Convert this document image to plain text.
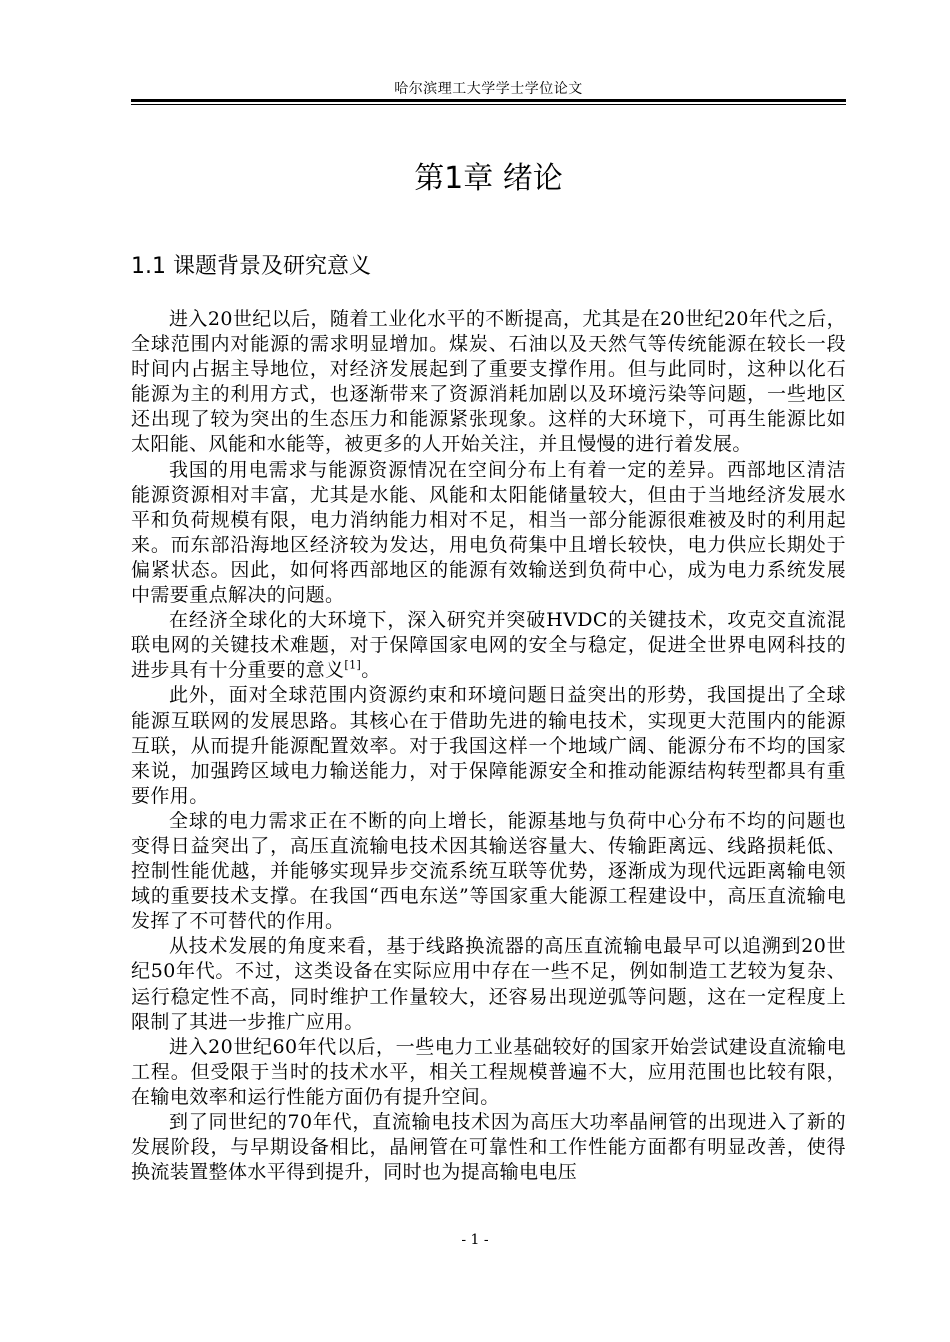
哈尔滨理工大学学士学位论文
第1章 绪论
1.1 课题背景及研究意义

进入20世纪以后，随着工业化水平的不断提高，尤其是在20世纪20年代之后，全球范围内对能源的需求明显增加。煤炭、石油以及天然气等传统能源在较长一段时间内占据主导地位，对经济发展起到了重要支撑作用。但与此同时，这种以化石能源为主的利用方式，也逐渐带来了资源消耗加剧以及环境污染等问题，一些地区还出现了较为突出的生态压力和能源紧张现象。这样的大环境下，可再生能源比如太阳能、风能和水能等，被更多的人开始关注，并且慢慢的进行着发展。

我国的用电需求与能源资源情况在空间分布上有着一定的差异。西部地区清洁能源资源相对丰富，尤其是水能、风能和太阳能储量较大，但由于当地经济发展水平和负荷规模有限，电力消纳能力相对不足，相当一部分能源很难被及时的利用起来。而东部沿海地区经济较为发达，用电负荷集中且增长较快，电力供应长期处于偏紧状态。因此，如何将西部地区的能源有效输送到负荷中心，成为电力系统发展中需要重点解决的问题。

在经济全球化的大环境下，深入研究并突破HVDC的关键技术，攻克交直流混联电网的关键技术难题，对于保障国家电网的安全与稳定，促进全世界电网科技的进步具有十分重要的意义[1]。

此外，面对全球范围内资源约束和环境问题日益突出的形势，我国提出了全球能源互联网的发展思路。其核心在于借助先进的输电技术，实现更大范围内的能源互联，从而提升能源配置效率。对于我国这样一个地域广阔、能源分布不均的国家来说，加强跨区域电力输送能力，对于保障能源安全和推动能源结构转型都具有重要作用。

全球的电力需求正在不断的向上增长，能源基地与负荷中心分布不均的问题也变得日益突出了，高压直流输电技术因其输送容量大、传输距离远、线路损耗低、控制性能优越，并能够实现异步交流系统互联等优势，逐渐成为现代远距离输电领域的重要技术支撑。在我国“西电东送”等国家重大能源工程建设中，高压直流输电发挥了不可替代的作用。

从技术发展的角度来看，基于线路换流器的高压直流输电最早可以追溯到20世纪50年代。不过，这类设备在实际应用中存在一些不足，例如制造工艺较为复杂、运行稳定性不高，同时维护工作量较大，还容易出现逆弧等问题，这在一定程度上限制了其进一步推广应用。

进入20世纪60年代以后，一些电力工业基础较好的国家开始尝试建设直流输电工程。但受限于当时的技术水平，相关工程规模普遍不大，应用范围也比较有限，在输电效率和运行性能方面仍有提升空间。

到了同世纪的70年代，直流输电技术因为高压大功率晶闸管的出现进入了新的发展阶段，与早期设备相比，晶闸管在可靠性和工作性能方面都有明显改善，使得换流装置整体水平得到提升，同时也为提高输电电压

- 1 -
